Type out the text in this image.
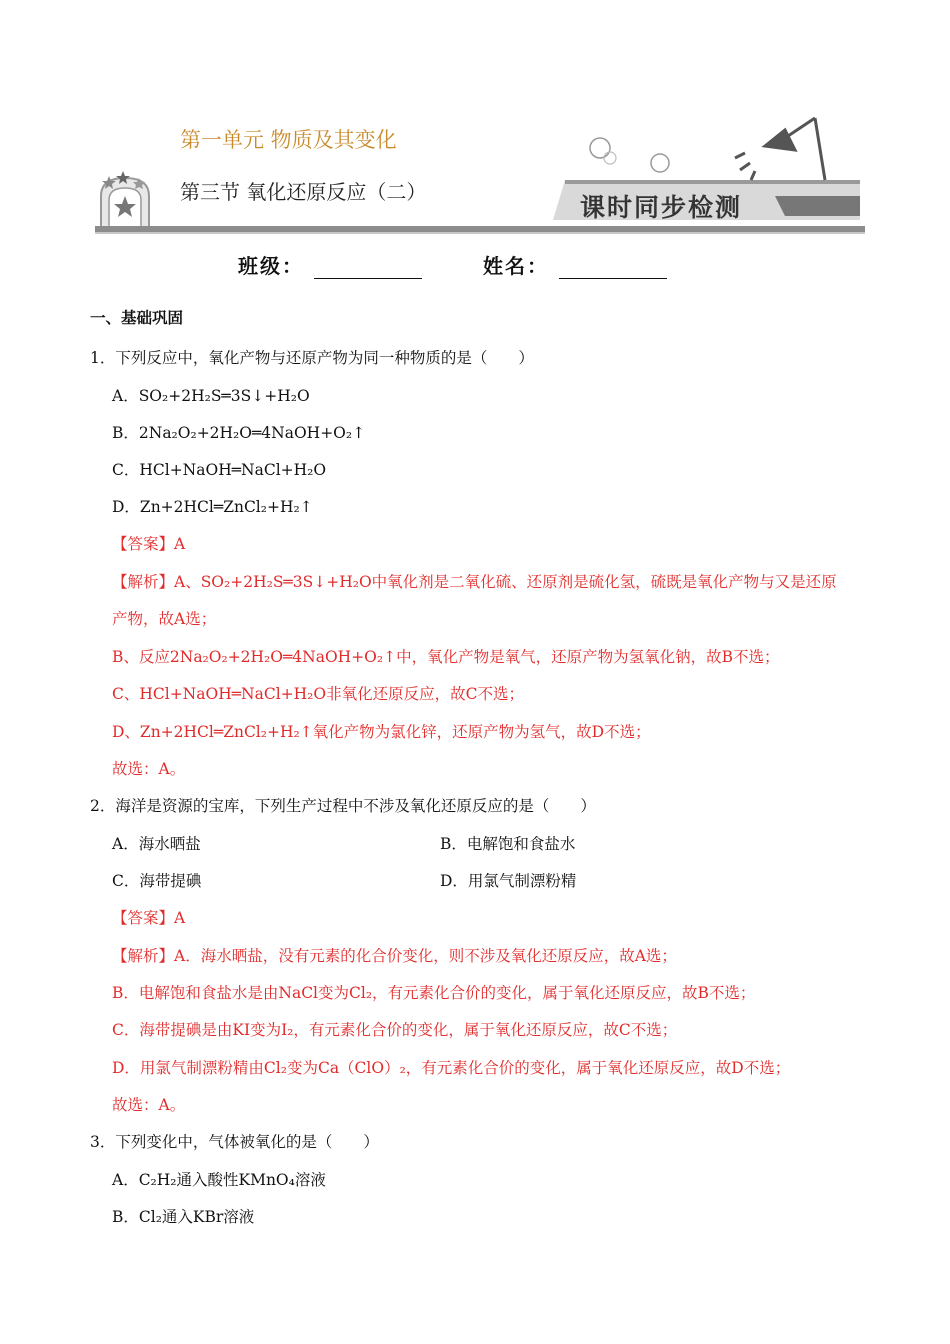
第一单元 物质及其变化
第三节 氧化还原反应（二）
课时同步检测
班级：	姓名：
一、基础巩固
1．下列反应中，氧化产物与还原产物为同一种物质的是（　　）
A．SO₂+2H₂S═3S↓+H₂O
B．2Na₂O₂+2H₂O═4NaOH+O₂↑
C．HCl+NaOH═NaCl+H₂O
D．Zn+2HCl═ZnCl₂+H₂↑
【答案】A
【解析】A、SO₂+2H₂S═3S↓+H₂O中氧化剂是二氧化硫、还原剂是硫化氢，硫既是氧化产物与又是还原
产物，故A选；
B、反应2Na₂O₂+2H₂O═4NaOH+O₂↑中，氧化产物是氧气，还原产物为氢氧化钠，故B不选；
C、HCl+NaOH═NaCl+H₂O非氧化还原反应，故C不选；
D、Zn+2HCl═ZnCl₂+H₂↑氧化产物为氯化锌，还原产物为氢气，故D不选；
故选：A。
2．海洋是资源的宝库，下列生产过程中不涉及氧化还原反应的是（　　）
A．海水晒盐	B．电解饱和食盐水
C．海带提碘	D．用氯气制漂粉精
【答案】A
【解析】A．海水晒盐，没有元素的化合价变化，则不涉及氧化还原反应，故A选；
B．电解饱和食盐水是由NaCl变为Cl₂，有元素化合价的变化，属于氧化还原反应，故B不选；
C．海带提碘是由KI变为I₂，有元素化合价的变化，属于氧化还原反应，故C不选；
D．用氯气制漂粉精由Cl₂变为Ca（ClO）₂，有元素化合价的变化，属于氧化还原反应，故D不选；
故选：A。
3．下列变化中，气体被氧化的是（　　）
A．C₂H₂通入酸性KMnO₄溶液
B．Cl₂通入KBr溶液
